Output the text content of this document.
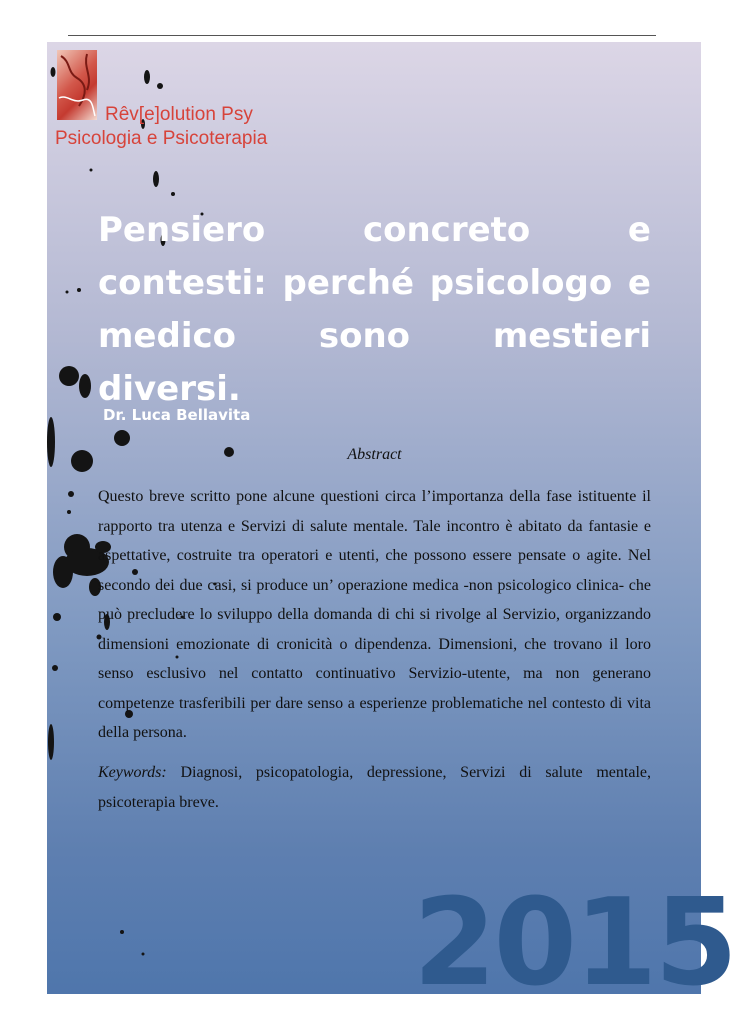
Rêv[e]olution Psy
Psicologia e Psicoterapia
Pensiero concreto e contesti: perché psicologo e medico sono mestieri diversi.
Dr. Luca Bellavita
Abstract

Questo breve scritto pone alcune questioni circa l’importanza della fase istituente il rapporto tra utenza e Servizi di salute mentale. Tale incontro è abitato da fantasie e aspettative, costruite tra operatori e utenti, che possono essere pensate o agite. Nel secondo dei due casi, si produce un’ operazione medica -non psicologico clinica- che può precludere lo sviluppo della domanda di chi si rivolge al Servizio, organizzando dimensioni emozionate di cronicità o dipendenza. Dimensioni, che trovano il loro senso esclusivo nel contatto continuativo Servizio-utente, ma non generano competenze trasferibili per dare senso a esperienze problematiche nel contesto di vita della persona.

Keywords: Diagnosi, psicopatologia, depressione, Servizi di salute mentale, psicoterapia breve.

2015
